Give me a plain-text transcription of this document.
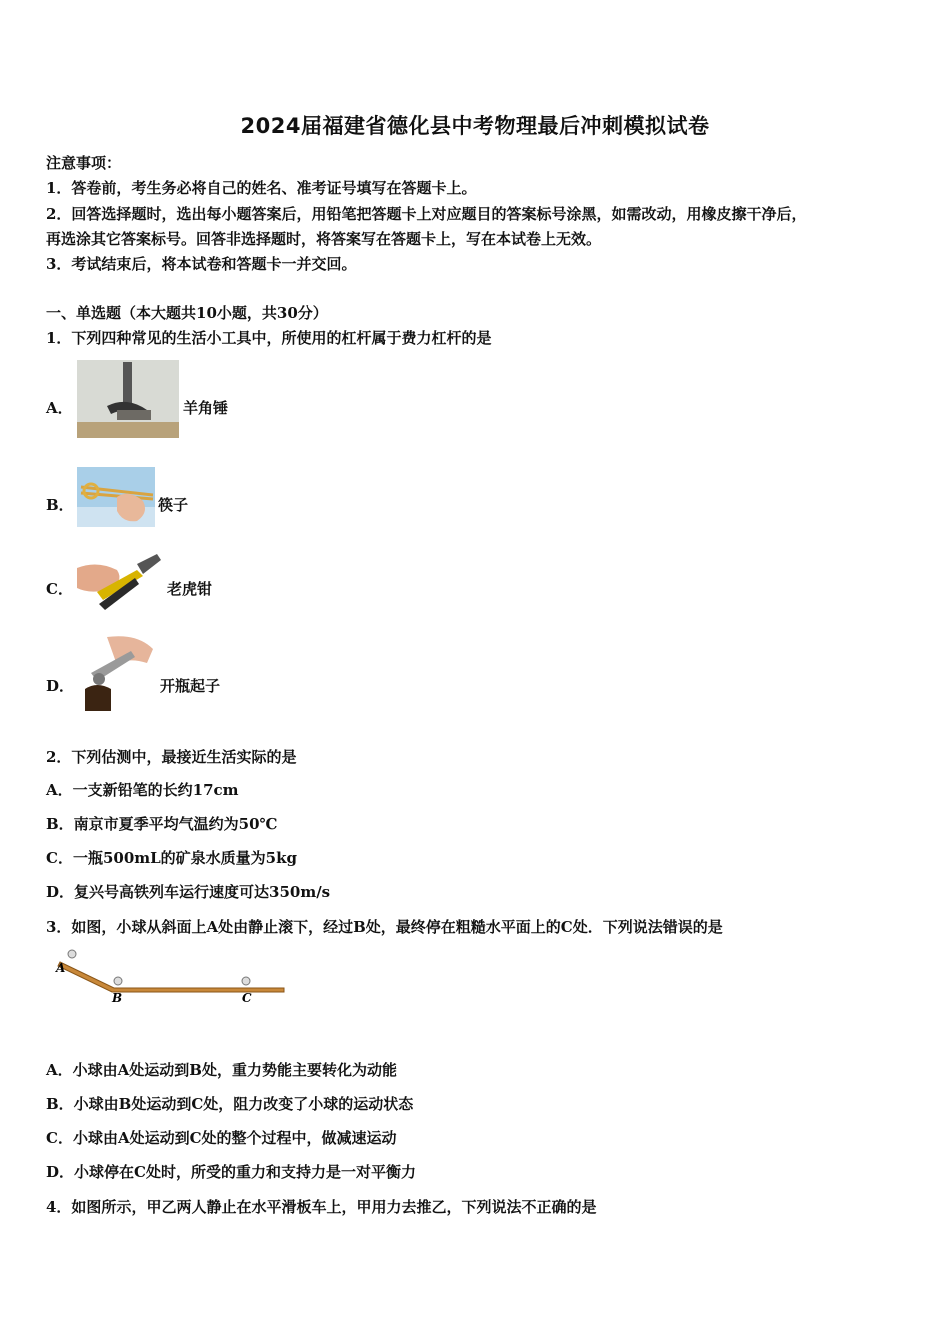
2024届福建省德化县中考物理最后冲刺模拟试卷
注意事项：
1．答卷前，考生务必将自己的姓名、准考证号填写在答题卡上。
2．回答选择题时，选出每小题答案后，用铅笔把答题卡上对应题目的答案标号涂黑，如需改动，用橡皮擦干净后，
再选涂其它答案标号。回答非选择题时，将答案写在答题卡上，写在本试卷上无效。
3．考试结束后，将本试卷和答题卡一并交回。
一、单选题（本大题共10小题，共30分）
1．下列四种常见的生活小工具中，所使用的杠杆属于费力杠杆的是
A．	羊角锤
B．	筷子
C．	老虎钳
D．	开瓶起子
2．下列估测中，最接近生活实际的是
A．一支新铅笔的长约17cm
B．南京市夏季平均气温约为50℃
C．一瓶500mL的矿泉水质量为5kg
D．复兴号高铁列车运行速度可达350m/s
3．如图，小球从斜面上A处由静止滚下，经过B处，最终停在粗糙水平面上的C处．下列说法错误的是
A
B	C
A．小球由A处运动到B处，重力势能主要转化为动能
B．小球由B处运动到C处，阻力改变了小球的运动状态
C．小球由A处运动到C处的整个过程中，做减速运动
D．小球停在C处时，所受的重力和支持力是一对平衡力
4．如图所示，甲乙两人静止在水平滑板车上，甲用力去推乙，下列说法不正确的是
